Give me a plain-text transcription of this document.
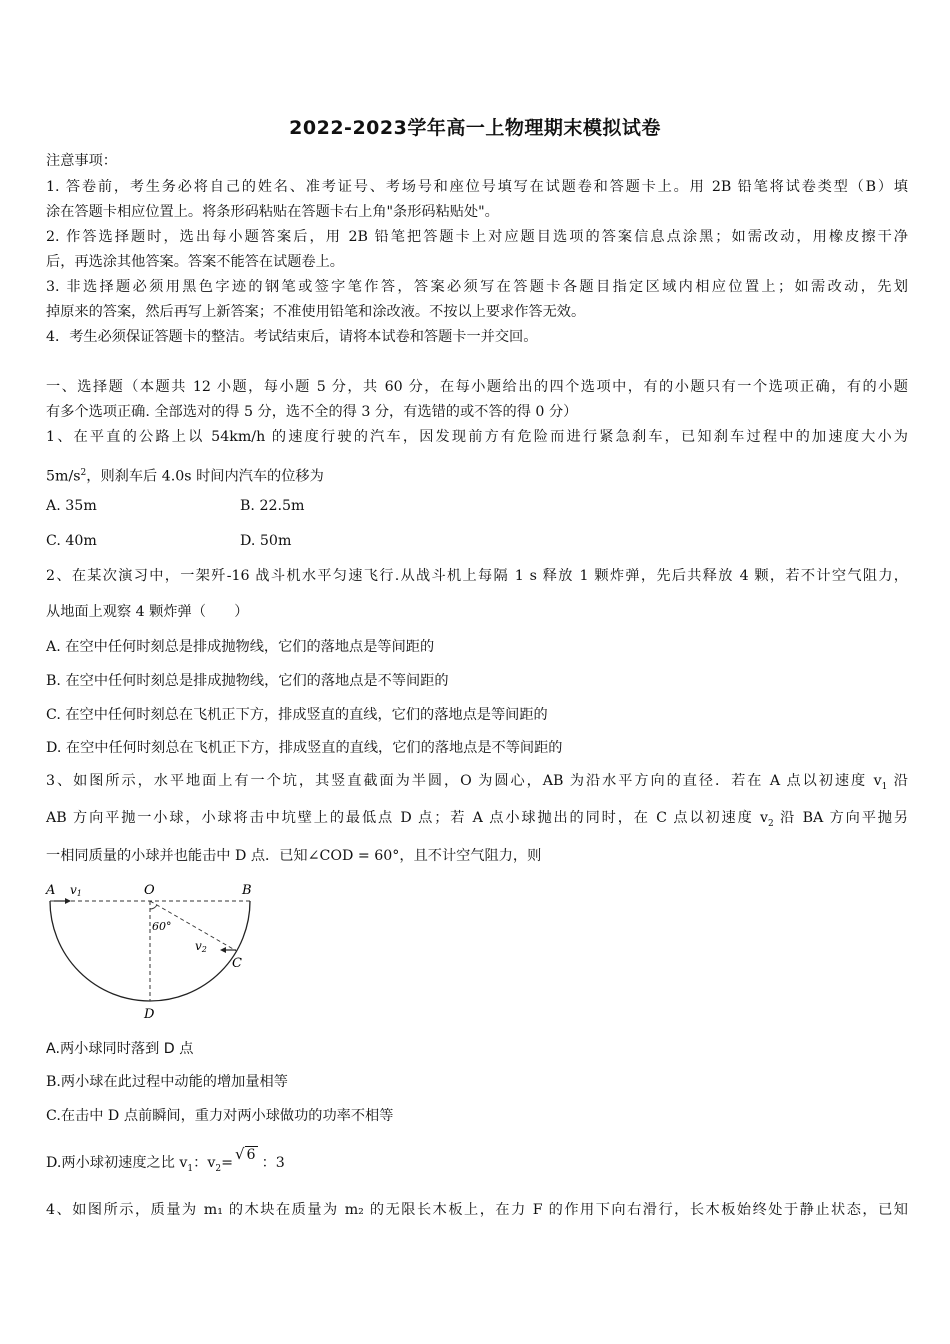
2022-2023学年高一上物理期末模拟试卷
注意事项：
1. 答卷前，考生务必将自己的姓名、准考证号、考场号和座位号填写在试题卷和答题卡上。用 2B 铅笔将试卷类型（B）填
涂在答题卡相应位置上。将条形码粘贴在答题卡右上角"条形码粘贴处"。
2. 作答选择题时，选出每小题答案后，用 2B 铅笔把答题卡上对应题目选项的答案信息点涂黑；如需改动，用橡皮擦干净
后，再选涂其他答案。答案不能答在试题卷上。
3. 非选择题必须用黑色字迹的钢笔或签字笔作答，答案必须写在答题卡各题目指定区域内相应位置上；如需改动，先划
掉原来的答案，然后再写上新答案；不准使用铅笔和涂改液。不按以上要求作答无效。
4．考生必须保证答题卡的整洁。考试结束后，请将本试卷和答题卡一并交回。
一、选择题（本题共 12 小题，每小题 5 分，共 60 分，在每小题给出的四个选项中，有的小题只有一个选项正确，有的小题
有多个选项正确. 全部选对的得 5 分，选不全的得 3 分，有选错的或不答的得 0 分）
1、在平直的公路上以 54km/h 的速度行驶的汽车，因发现前方有危险而进行紧急刹车，已知刹车过程中的加速度大小为
$5m/s^2$，则刹车后 4.0s 时间内汽车的位移为
A. 35m	B. 22.5m
C. 40m	D. 50m
2、在某次演习中，一架歼-16 战斗机水平匀速飞行.从战斗机上每隔 1 s 释放 1 颗炸弹，先后共释放 4 颗，若不计空气阻力，
从地面上观察 4 颗炸弹（　　）
A. 在空中任何时刻总是排成抛物线，它们的落地点是等间距的
B. 在空中任何时刻总是排成抛物线，它们的落地点是不等间距的
C. 在空中任何时刻总在飞机正下方，排成竖直的直线，它们的落地点是等间距的
D. 在空中任何时刻总在飞机正下方，排成竖直的直线，它们的落地点是不等间距的
3、如图所示，水平地面上有一个坑，其竖直截面为半圆，O 为圆心，AB 为沿水平方向的直径．若在 A 点以初速度 $v_1$ 沿
AB 方向平抛一小球，小球将击中坑壁上的最低点 D 点；若 A 点小球抛出的同时，在 C 点以初速度 $v_2$ 沿 BA 方向平抛另
一相同质量的小球并也能击中 D 点．已知∠COD = 60°，且不计空气阻力，则
A v1	O	B
60°
v2
C
D
A.两小球同时落到 D 点
B.两小球在此过程中动能的增加量相等
C.在击中 D 点前瞬间，重力对两小球做功的功率不相等
D.两小球初速度之比 $v_1$：$v_2=$ √ 6 ：3
4、如图所示，质量为 m₁ 的木块在质量为 m₂ 的无限长木板上，在力 F 的作用下向右滑行，长木板始终处于静止状态，已知
